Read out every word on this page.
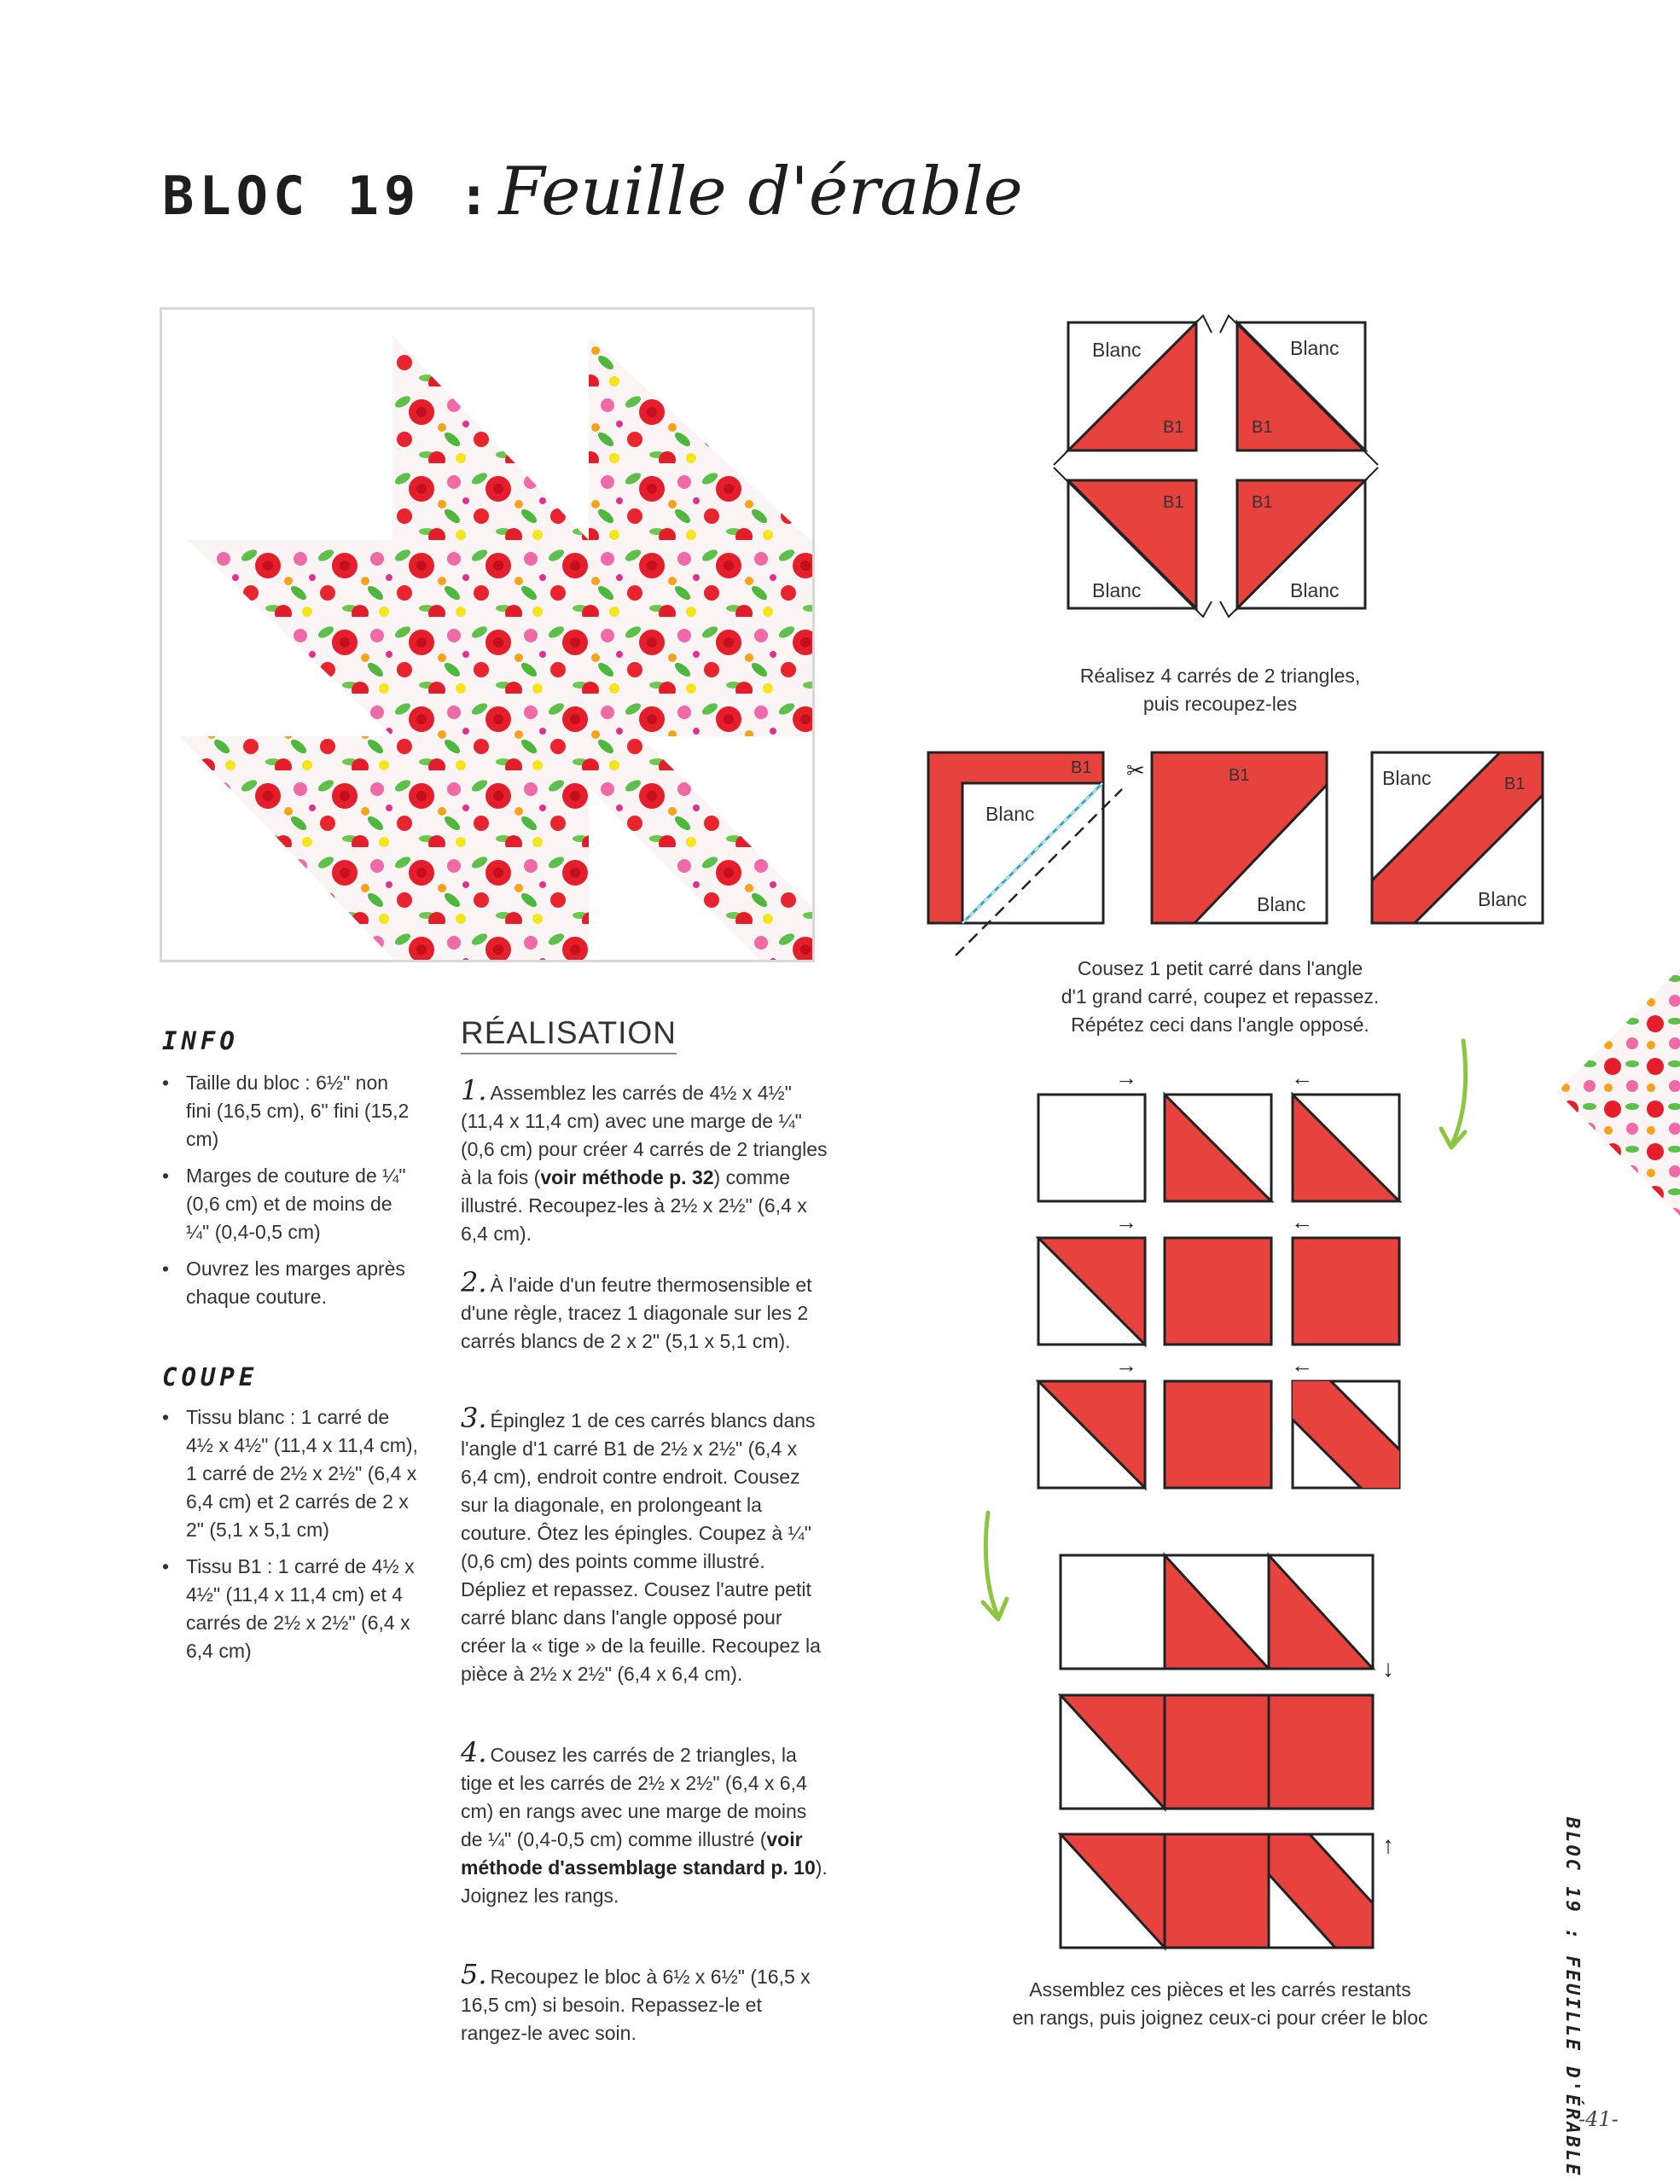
BLOC 19 : Feuille d'érable
INFO
• Taille du bloc : 6½" non fini (16,5 cm), 6" fini (15,2 cm)
• Marges de couture de ¼" (0,6 cm) et de moins de ¼" (0,4-0,5 cm)
• Ouvrez les marges après chaque couture.
COUPE
• Tissu blanc : 1 carré de 4½ x 4½" (11,4 x 11,4 cm), 1 carré de 2½ x 2½" (6,4 x 6,4 cm) et 2 carrés de 2 x 2" (5,1 x 5,1 cm)
• Tissu B1 : 1 carré de 4½ x 4½" (11,4 x 11,4 cm) et 4 carrés de 2½ x 2½" (6,4 x 6,4 cm)
RÉALISATION
1. Assemblez les carrés de 4½ x 4½" (11,4 x 11,4 cm) avec une marge de ¼" (0,6 cm) pour créer 4 carrés de 2 triangles à la fois (voir méthode p. 32) comme illustré. Recoupez-les à 2½ x 2½" (6,4 x 6,4 cm).
2. À l'aide d'un feutre thermosensible et d'une règle, tracez 1 diagonale sur les 2 carrés blancs de 2 x 2" (5,1 x 5,1 cm).
3. Épinglez 1 de ces carrés blancs dans l'angle d'1 carré B1 de 2½ x 2½" (6,4 x 6,4 cm), endroit contre endroit. Cousez sur la diagonale, en prolongeant la couture. Ôtez les épingles. Coupez à ¼" (0,6 cm) des points comme illustré. Dépliez et repassez. Cousez l'autre petit carré blanc dans l'angle opposé pour créer la « tige » de la feuille. Recoupez la pièce à 2½ x 2½" (6,4 x 6,4 cm).
4. Cousez les carrés de 2 triangles, la tige et les carrés de 2½ x 2½" (6,4 x 6,4 cm) en rangs avec une marge de moins de ¼" (0,4-0,5 cm) comme illustré (voir méthode d'assemblage standard p. 10). Joignez les rangs.
5. Recoupez le bloc à 6½ x 6½" (16,5 x 16,5 cm) si besoin. Repassez-le et rangez-le avec soin.
Blanc	Blanc
B1	B1
B1	B1
Blanc	Blanc
Réalisez 4 carrés de 2 triangles,
puis recoupez-les
✂
B1
Blanc
B1
Blanc
Blanc	B1
Blanc
Cousez 1 petit carré dans l'angle
d'1 grand carré, coupez et repassez.
Répétez ceci dans l'angle opposé.
→	←
→	←
→	←
↓
↑
Assemblez ces pièces et les carrés restants
en rangs, puis joignez ceux-ci pour créer le bloc	BLOC 19 : FEUILLE D'ÉRABLE
-41-
